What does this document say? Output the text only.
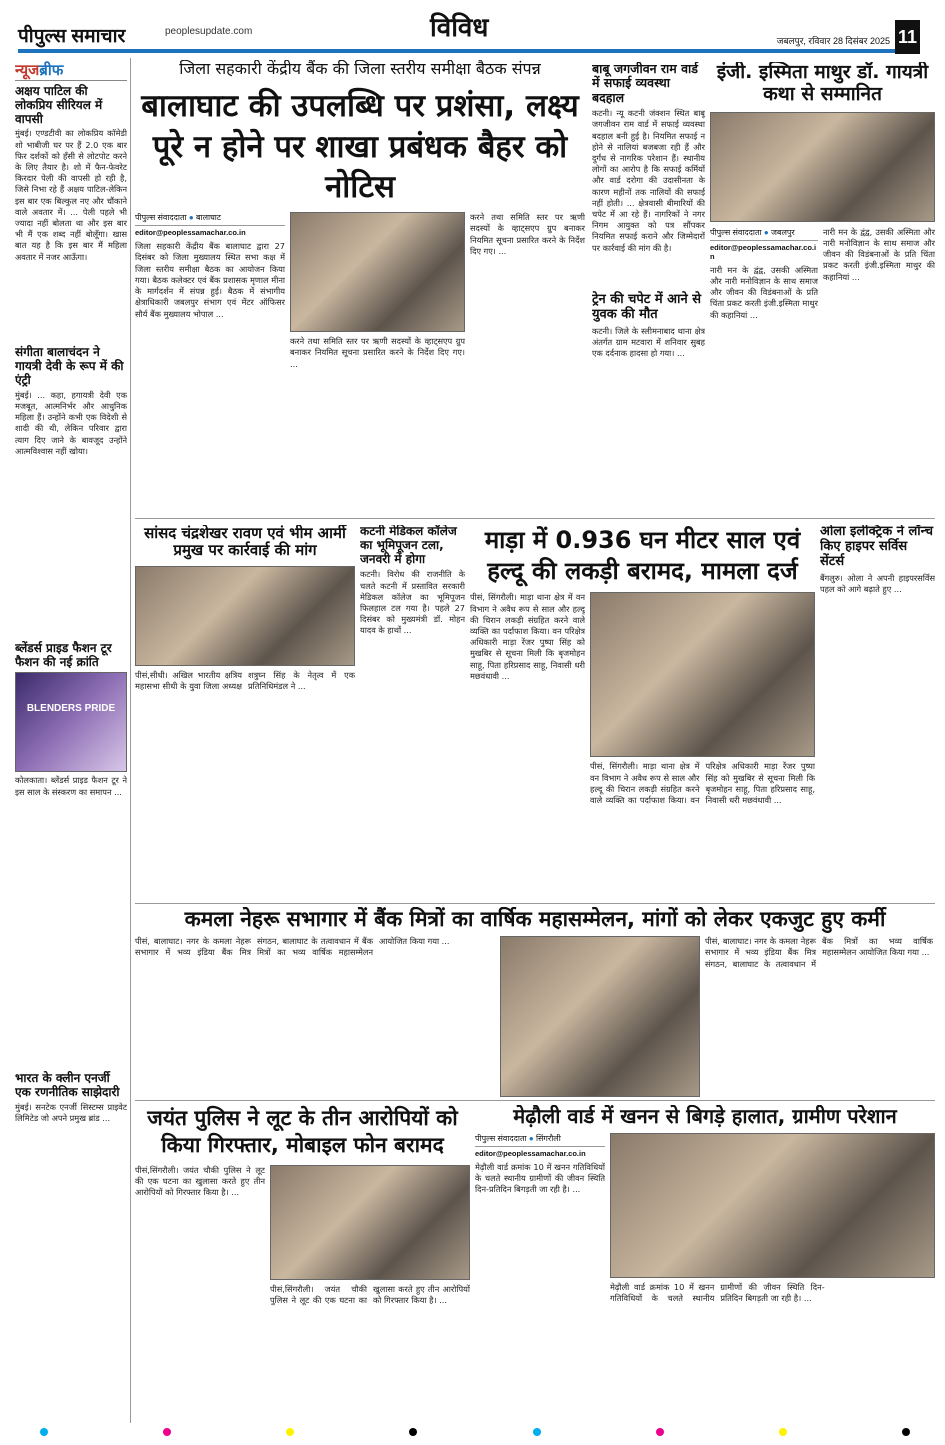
पीपुल्स समाचार	peoplesupdate.com	विविध	जबलपुर, रविवार 28 दिसंबर 2025 11
न्यूजब्रीफ
अक्षय पाटिल की लोकप्रिय सीरियल में वापसी
मुंबई। एण्डटीवी का लोकप्रिय कॉमेडी शो भाबीजी घर पर हैं 2.0 एक बार फिर दर्शकों को हँसी से लोटपोट करने के लिए तैयार है। शो में फैन-फेवरेट किरदार पेली की वापसी हो रही है, जिसे निभा रहे हैं अक्षय पाटिल-लेकिन इस बार एक बिल्कुल नए और चौंकाने वाले अवतार में। ... पेली पहले भी ज्यादा नहीं बोलता था और इस बार भी मैं एक शब्द नहीं बोलूँगा। खास बात यह है कि इस बार मैं महिला अवतार में नजर आऊँगा।
संगीता बालाचंदन ने गायत्री देवी के रूप में की एंट्री
मुंबई। ... कहा, हगायत्री देवी एक मजबूत, आत्मनिर्भर और आधुनिक महिला हैं। उन्होंने कभी एक विदेशी से शादी की थी, लेकिन परिवार द्वारा त्याग दिए जाने के बावजूद उन्होंने आत्मविश्वास नहीं खोया।
ब्लेंडर्स प्राइड फैशन टूर फैशन की नई क्रांति
BLENDERS PRIDE
कोलकाता। ब्लेंडर्स प्राइड फैशन टूर ने इस साल के संस्करण का समापन ...
भारत के क्लीन एनर्जी एक रणनीतिक साझेदारी
मुंबई। सनटेक एनर्जी सिस्टम्स प्राइवेट लिमिटेड जो अपने प्रमुख ब्रांड ...
जिला सहकारी केंद्रीय बैंक की जिला स्तरीय समीक्षा बैठक संपन्न
बालाघाट की उपलब्धि पर प्रशंसा, लक्ष्य पूरे न होने पर शाखा प्रबंधक बैहर को नोटिस
पीपुल्स संवाददाता ● बालाघाट
editor@peoplessamachar.co.in
जिला सहकारी केंद्रीय बैंक बालाघाट द्वारा 27 दिसंबर को जिला मुख्यालय स्थित सभा कक्ष में जिला स्तरीय समीक्षा बैठक का आयोजन किया गया। बैठक कलेक्टर एवं बैंक प्रशासक मृणाल मीना के मार्गदर्शन में संपन्न हुई। बैठक में संभागीय क्षेत्राधिकारी जबलपुर संभाग एवं मेंटर ऑफिसर सौर्य बैंक मुख्यालय भोपाल ...
करने तथा समिति स्तर पर ऋणी सदस्यों के व्हाट्सएप ग्रुप बनाकर नियमित सूचना प्रसारित करने के निर्देश दिए गए। ...
करने तथा समिति स्तर पर ऋणी सदस्यों के व्हाट्सएप ग्रुप बनाकर नियमित सूचना प्रसारित करने के निर्देश दिए गए। ...
बाबू जगजीवन राम वार्ड में सफाई व्यवस्था बदहाल
कटनी। न्यू कटनी जंक्शन स्थित बाबू जगजीवन राम वार्ड में सफाई व्यवस्था बदहाल बनी हुई है। नियमित सफाई न होने से नालियां बजबजा रही हैं और दुर्गंध से नागरिक परेशान हैं। स्थानीय लोगों का आरोप है कि सफाई कर्मियों और वार्ड दरोगा की उदासीनता के कारण महीनों तक नालियों की सफाई नहीं होती। ... क्षेत्रवासी बीमारियों की चपेट में आ रहे हैं। नागरिकों ने नगर निगम आयुक्त को पत्र सौंपकर नियमित सफाई कराने और जिम्मेदारों पर कार्रवाई की मांग की है।
ट्रेन की चपेट में आने से युवक की मौत
कटनी। जिले के स्लीमनाबाद थाना क्षेत्र अंतर्गत ग्राम मटवारा में शनिवार सुबह एक दर्दनाक हादसा हो गया। ...
इंजी. इस्मिता माथुर डॉ. गायत्री कथा से सम्मानित
पीपुल्स संवाददाता ● जबलपुर
editor@peoplessamachar.co.in
नारी मन के द्वंद्व, उसकी अस्मिता और नारी मनोविज्ञान के साथ समाज और जीवन की विडंबनाओं के प्रति चिंता प्रकट करती इंजी.इस्मिता माथुर की कहानियां ...
नारी मन के द्वंद्व, उसकी अस्मिता और नारी मनोविज्ञान के साथ समाज और जीवन की विडंबनाओं के प्रति चिंता प्रकट करती इंजी.इस्मिता माथुर की कहानियां ...
सांसद चंद्रशेखर रावण एवं भीम आर्मी प्रमुख पर कार्रवाई की मांग
पीसं,सीधी। अखिल भारतीय क्षत्रिय महासभा सीधी के युवा जिला अध्यक्ष शत्रुघ्न सिंह के नेतृत्व में एक प्रतिनिधिमंडल ने ...
कटनी मेडिकल कॉलेज का भूमिपूजन टला, जनवरी में होगा
कटनी। विरोध की राजनीति के चलते कटनी में प्रस्तावित सरकारी मेडिकल कॉलेज का भूमिपूजन फिलहाल टल गया है। पहले 27 दिसंबर को मुख्यमंत्री डॉ. मोहन यादव के हाथों ...
माड़ा में 0.936 घन मीटर साल एवं हल्दू की लकड़ी बरामद, मामला दर्ज
पीसं, सिंगरौली। माड़ा थाना क्षेत्र में वन विभाग ने अवैध रूप से साल और हल्दू की चिरान लकड़ी संग्रहित करने वाले व्यक्ति का पर्दाफाश किया। वन परिक्षेत्र अधिकारी माड़ा रेंजर पुष्पा सिंह को मुखबिर से सूचना मिली कि बृजमोहन साहू, पिता हरिप्रसाद साहू, निवासी धरी मछवंधावी ...
पीसं, सिंगरौली। माड़ा थाना क्षेत्र में वन विभाग ने अवैध रूप से साल और हल्दू की चिरान लकड़ी संग्रहित करने वाले व्यक्ति का पर्दाफाश किया। वन परिक्षेत्र अधिकारी माड़ा रेंजर पुष्पा सिंह को मुखबिर से सूचना मिली कि बृजमोहन साहू, पिता हरिप्रसाद साहू, निवासी धरी मछवंधावी ...
ओला इलेक्ट्रिक ने लॉन्च किए हाइपर सर्विस सेंटर्स
बैंगलुरु। ओला ने अपनी हाइपरसर्विस पहल को आगे बढ़ाते हुए ...
कमला नेहरू सभागार में बैंक मित्रों का वार्षिक महासम्मेलन, मांगों को लेकर एकजुट हुए कर्मी
पीसं, बालाघाट। नगर के कमला नेहरू सभागार में भव्य इंडिया बैंक मित्र संगठन, बालाघाट के तत्वावधान में बैंक मित्रों का भव्य वार्षिक महासम्मेलन आयोजित किया गया ...	पीसं, बालाघाट। नगर के कमला नेहरू सभागार में भव्य इंडिया बैंक मित्र संगठन, बालाघाट के तत्वावधान में बैंक मित्रों का भव्य वार्षिक महासम्मेलन आयोजित किया गया ...
जयंत पुलिस ने लूट के तीन आरोपियों को किया गिरफ्तार, मोबाइल फोन बरामद
पीसं,सिंगरौली। जयंत चौकी पुलिस ने लूट की एक घटना का खुलासा करते हुए तीन आरोपियों को गिरफ्तार किया है। ...
पीसं,सिंगरौली। जयंत चौकी पुलिस ने लूट की एक घटना का खुलासा करते हुए तीन आरोपियों को गिरफ्तार किया है। ...
मेढ़ौली वार्ड में खनन से बिगड़े हालात, ग्रामीण परेशान
पीपुल्स संवाददाता ● सिंगरौली
editor@peoplessamachar.co.in
मेढ़ौली वार्ड क्रमांक 10 में खनन गतिविधियों के चलते स्थानीय ग्रामीणों की जीवन स्थिति दिन-प्रतिदिन बिगड़ती जा रही है। ...
मेढ़ौली वार्ड क्रमांक 10 में खनन गतिविधियों के चलते स्थानीय ग्रामीणों की जीवन स्थिति दिन-प्रतिदिन बिगड़ती जा रही है। ...
